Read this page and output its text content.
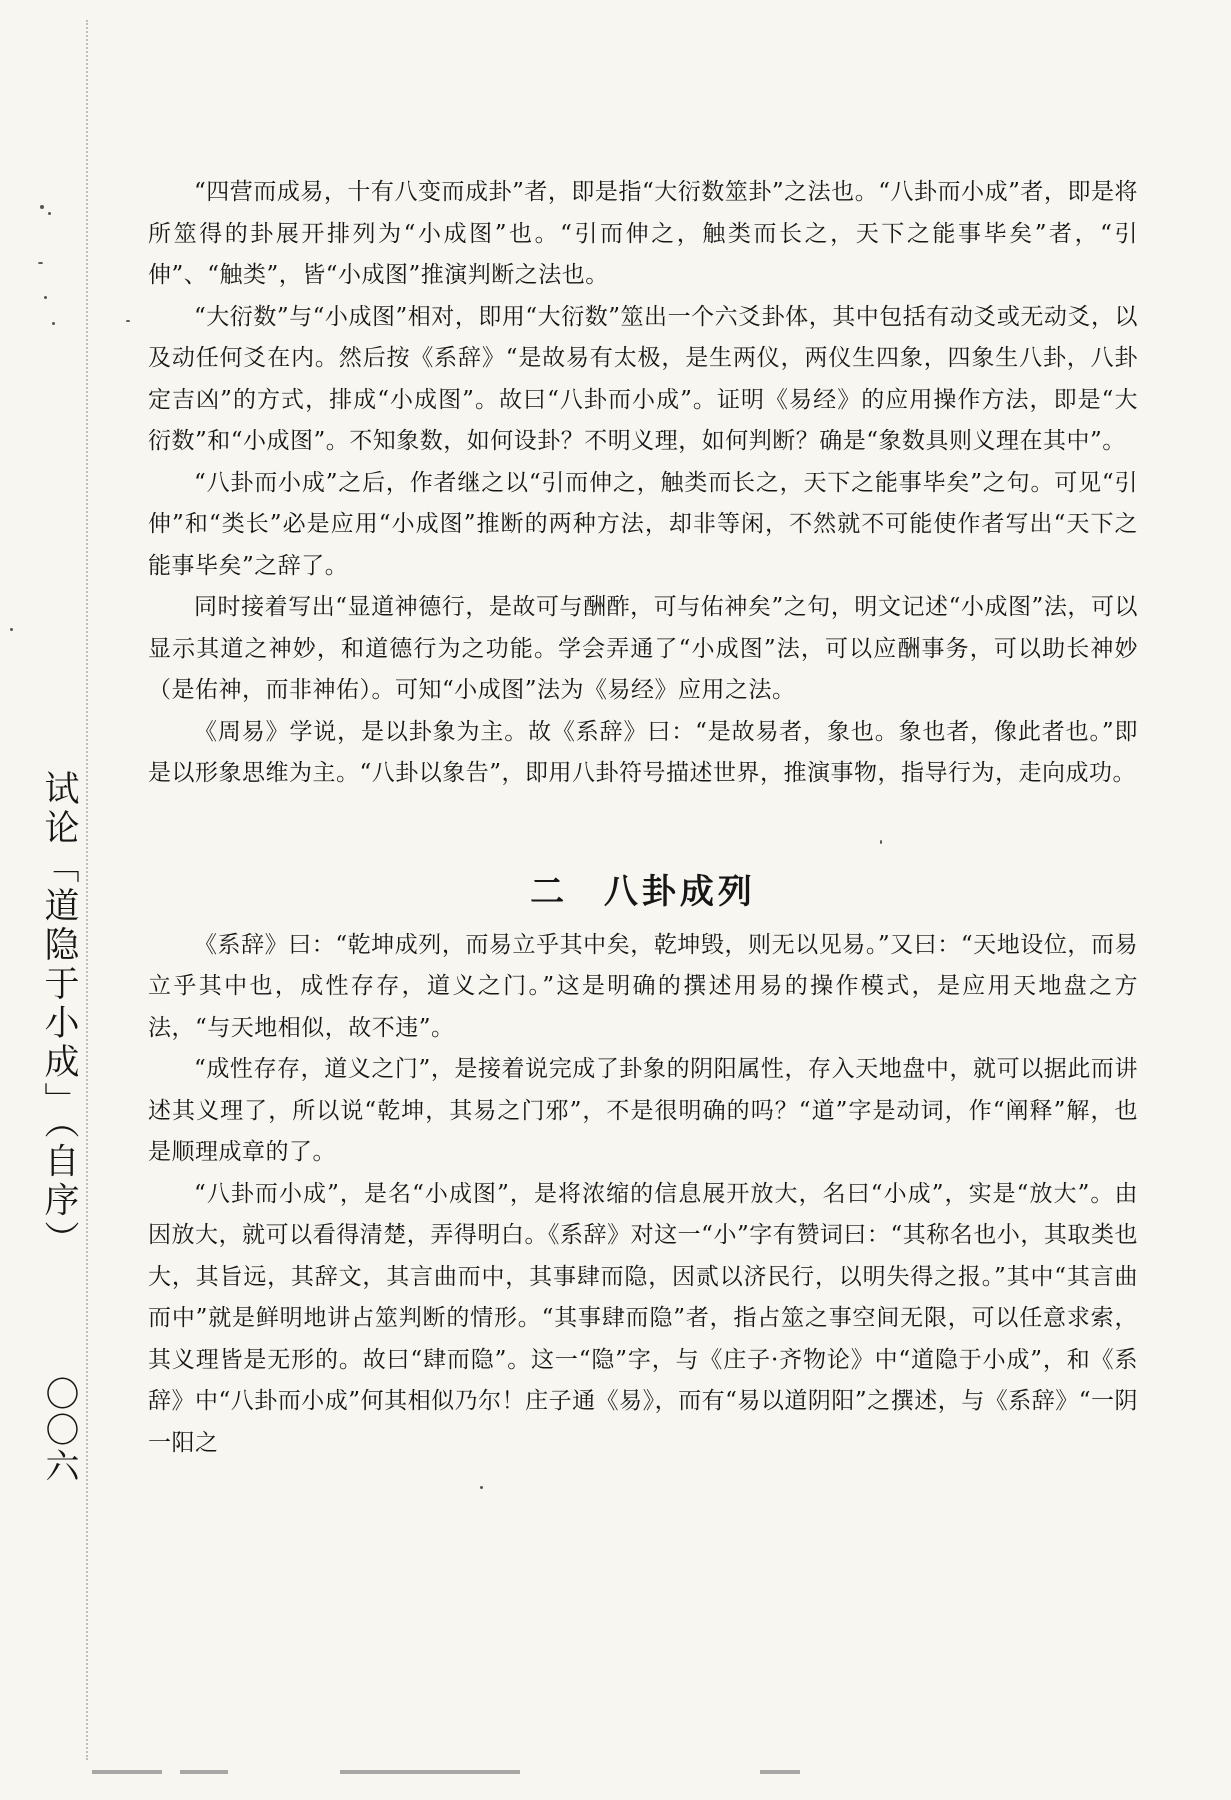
试论「道隐于小成」（自序）
〇〇六

“四营而成易，十有八变而成卦”者，即是指“大衍数筮卦”之法也。“八卦而小成”者，即是将所筮得的卦展开排列为“小成图”也。“引而伸之，触类而长之，天下之能事毕矣”者，“引伸”、“触类”，皆“小成图”推演判断之法也。

“大衍数”与“小成图”相对，即用“大衍数”筮出一个六爻卦体，其中包括有动爻或无动爻，以及动任何爻在内。然后按《系辞》“是故易有太极，是生两仪，两仪生四象，四象生八卦，八卦定吉凶”的方式，排成“小成图”。故曰“八卦而小成”。证明《易经》的应用操作方法，即是“大衍数”和“小成图”。不知象数，如何设卦？不明义理，如何判断？确是“象数具则义理在其中”。

“八卦而小成”之后，作者继之以“引而伸之，触类而长之，天下之能事毕矣”之句。可见“引伸”和“类长”必是应用“小成图”推断的两种方法，却非等闲，不然就不可能使作者写出“天下之能事毕矣”之辞了。

同时接着写出“显道神德行，是故可与酬酢，可与佑神矣”之句，明文记述“小成图”法，可以显示其道之神妙，和道德行为之功能。学会弄通了“小成图”法，可以应酬事务，可以助长神妙（是佑神，而非神佑）。可知“小成图”法为《易经》应用之法。

《周易》学说，是以卦象为主。故《系辞》曰：“是故易者，象也。象也者，像此者也。”即是以形象思维为主。“八卦以象告”，即用八卦符号描述世界，推演事物，指导行为，走向成功。

二 八卦成列

《系辞》曰：“乾坤成列，而易立乎其中矣，乾坤毁，则无以见易。”又曰：“天地设位，而易立乎其中也，成性存存，道义之门。”这是明确的撰述用易的操作模式，是应用天地盘之方法，“与天地相似，故不违”。

“成性存存，道义之门”，是接着说完成了卦象的阴阳属性，存入天地盘中，就可以据此而讲述其义理了，所以说“乾坤，其易之门邪”，不是很明确的吗？“道”字是动词，作“阐释”解，也是顺理成章的了。

“八卦而小成”，是名“小成图”，是将浓缩的信息展开放大，名曰“小成”，实是“放大”。由因放大，就可以看得清楚，弄得明白。《系辞》对这一“小”字有赞词曰：“其称名也小，其取类也大，其旨远，其辞文，其言曲而中，其事肆而隐，因贰以济民行，以明失得之报。”其中“其言曲而中”就是鲜明地讲占筮判断的情形。“其事肆而隐”者，指占筮之事空间无限，可以任意求索，其义理皆是无形的。故曰“肆而隐”。这一“隐”字，与《庄子·齐物论》中“道隐于小成”，和《系辞》中“八卦而小成”何其相似乃尔！庄子通《易》，而有“易以道阴阳”之撰述，与《系辞》“一阴一阳之
